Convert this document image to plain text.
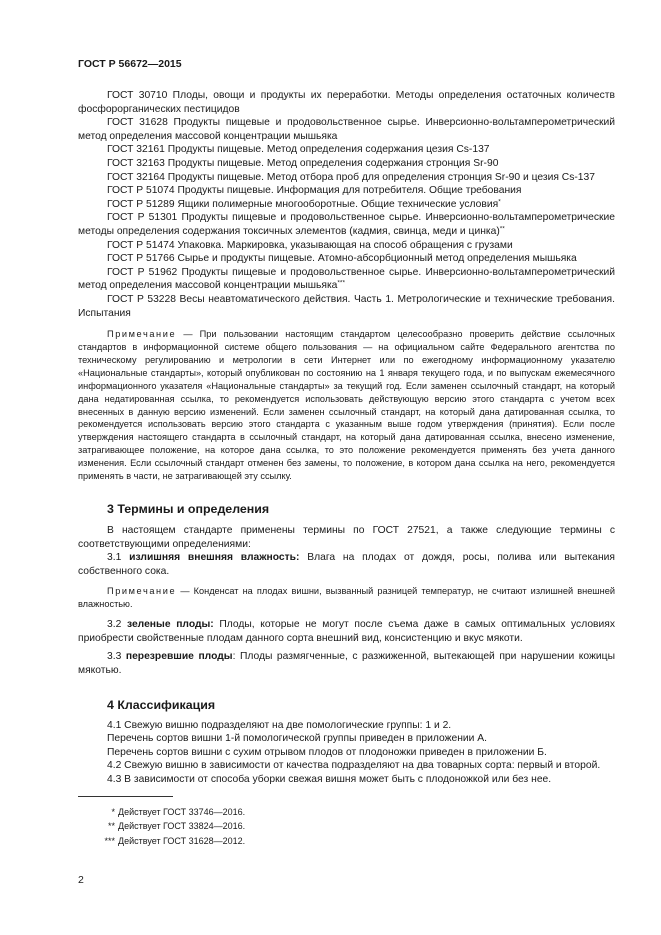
ГОСТ Р 56672—2015

ГОСТ 30710 Плоды, овощи и продукты их переработки. Методы определения остаточных количеств фосфорорганических пестицидов

ГОСТ 31628 Продукты пищевые и продовольственное сырье. Инверсионно-вольтамперометрический метод определения массовой концентрации мышьяка

ГОСТ 32161 Продукты пищевые. Метод определения содержания цезия Cs-137

ГОСТ 32163 Продукты пищевые. Метод определения содержания стронция Sr-90

ГОСТ 32164 Продукты пищевые. Метод отбора проб для определения стронция Sr-90 и цезия Cs-137

ГОСТ Р 51074 Продукты пищевые. Информация для потребителя. Общие требования

ГОСТ Р 51289 Ящики полимерные многооборотные. Общие технические условия*

ГОСТ Р 51301 Продукты пищевые и продовольственное сырье. Инверсионно-вольтамперометрические методы определения содержания токсичных элементов (кадмия, свинца, меди и цинка)**

ГОСТ Р 51474 Упаковка. Маркировка, указывающая на способ обращения с грузами

ГОСТ Р 51766 Сырье и продукты пищевые. Атомно-абсорбционный метод определения мышьяка

ГОСТ Р 51962 Продукты пищевые и продовольственное сырье. Инверсионно-вольтамперометрический метод определения массовой концентрации мышьяка***

ГОСТ Р 53228 Весы неавтоматического действия. Часть 1. Метрологические и технические требования. Испытания

Примечание — При пользовании настоящим стандартом целесообразно проверить действие ссылочных стандартов в информационной системе общего пользования — на официальном сайте Федерального агентства по техническому регулированию и метрологии в сети Интернет или по ежегодному информационному указателю «Национальные стандарты», который опубликован по состоянию на 1 января текущего года, и по выпускам ежемесячного информационного указателя «Национальные стандарты» за текущий год. Если заменен ссылочный стандарт, на который дана недатированная ссылка, то рекомендуется использовать действующую версию этого стандарта с учетом всех внесенных в данную версию изменений. Если заменен ссылочный стандарт, на который дана датированная ссылка, то рекомендуется использовать версию этого стандарта с указанным выше годом утверждения (принятия). Если после утверждения настоящего стандарта в ссылочный стандарт, на который дана датированная ссылка, внесено изменение, затрагивающее положение, на которое дана ссылка, то это положение рекомендуется применять без учета данного изменения. Если ссылочный стандарт отменен без замены, то положение, в котором дана ссылка на него, рекомендуется применять в части, не затрагивающей эту ссылку.

3 Термины и определения

В настоящем стандарте применены термины по ГОСТ 27521, а также следующие термины с соответствующими определениями:

3.1 излишняя внешняя влажность: Влага на плодах от дождя, росы, полива или вытекания собственного сока.

Примечание — Конденсат на плодах вишни, вызванный разницей температур, не считают излишней внешней влажностью.

3.2 зеленые плоды: Плоды, которые не могут после съема даже в самых оптимальных условиях приобрести свойственные плодам данного сорта внешний вид, консистенцию и вкус мякоти.

3.3 перезревшие плоды: Плоды размягченные, с разжиженной, вытекающей при нарушении кожицы мякотью.

4 Классификация

4.1 Свежую вишню подразделяют на две помологические группы: 1 и 2.

Перечень сортов вишни 1-й помологической группы приведен в приложении А.

Перечень сортов вишни с сухим отрывом плодов от плодоножки приведен в приложении Б.

4.2 Свежую вишню в зависимости от качества подразделяют на два товарных сорта: первый и второй.

4.3 В зависимости от способа уборки свежая вишня может быть с плодоножкой или без нее.

* Действует ГОСТ 33746—2016.
** Действует ГОСТ 33824—2016.
*** Действует ГОСТ 31628—2012.
2
